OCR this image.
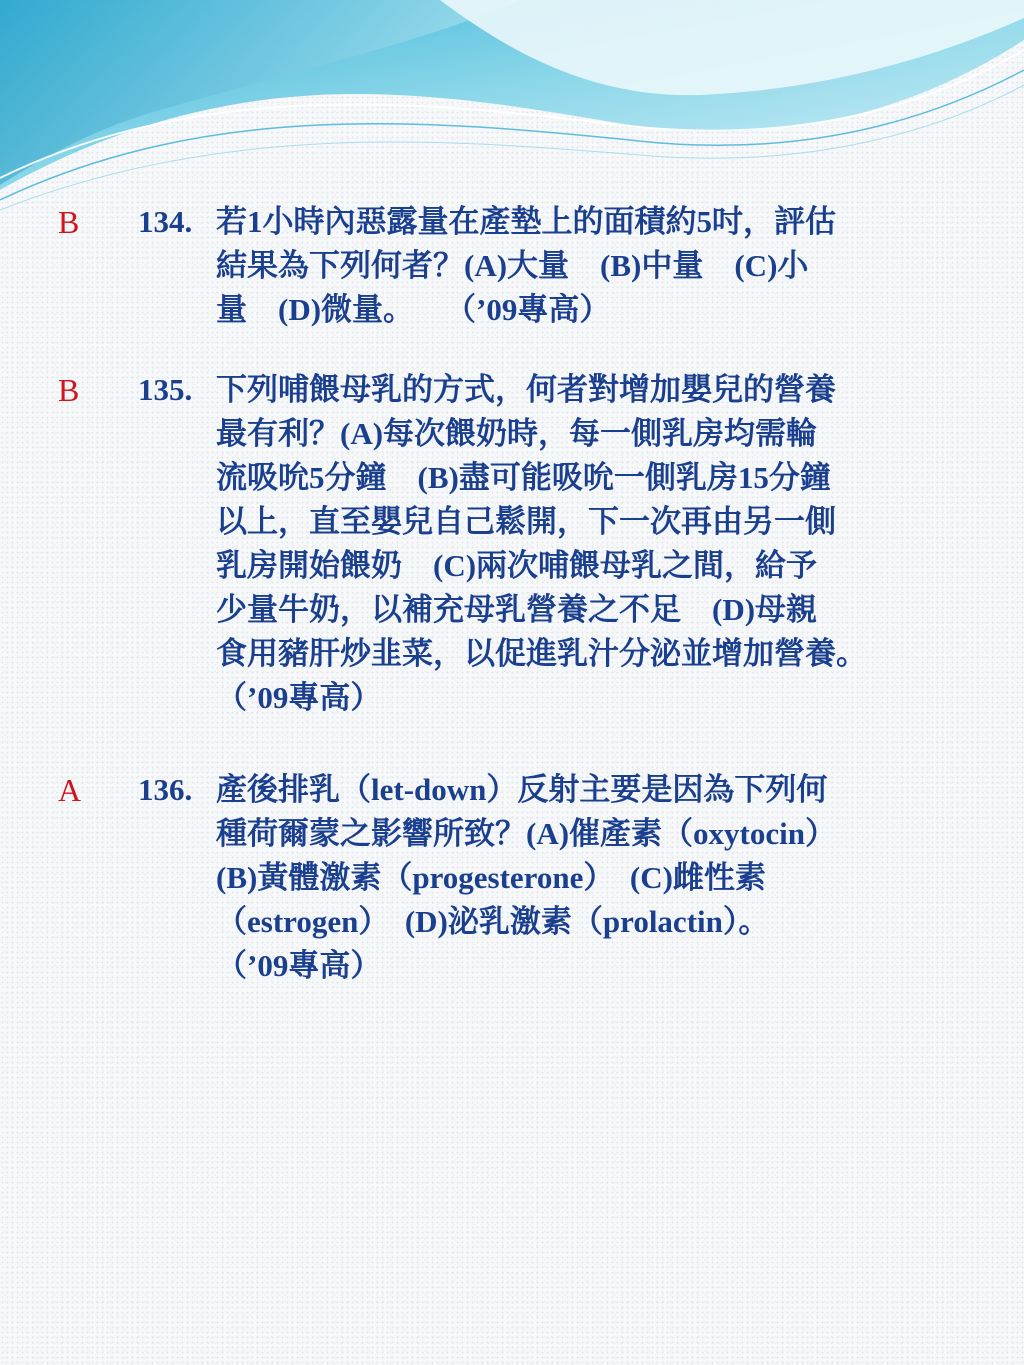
B 134. 若1小時內惡露量在產墊上的面積約5吋，評估
結果為下列何者？(A)大量　(B)中量　(C)小
量　(D)微量。　　（’09專高）
B 135. 下列哺餵母乳的方式，何者對增加嬰兒的營養
最有利？(A)每次餵奶時，每一側乳房均需輪
流吸吮5分鐘　(B)盡可能吸吮一側乳房15分鐘
以上，直至嬰兒自己鬆開，下一次再由另一側
乳房開始餵奶　(C)兩次哺餵母乳之間，給予
少量牛奶，以補充母乳營養之不足　(D)母親
食用豬肝炒韭菜，以促進乳汁分泌並增加營養。
（’09專高）
A 136. 產後排乳（let-down）反射主要是因為下列何
種荷爾蒙之影響所致？(A)催產素（oxytocin）
(B)黃體激素（progesterone）　(C)雌性素
（estrogen）　(D)泌乳激素（prolactin）。
（’09專高）
